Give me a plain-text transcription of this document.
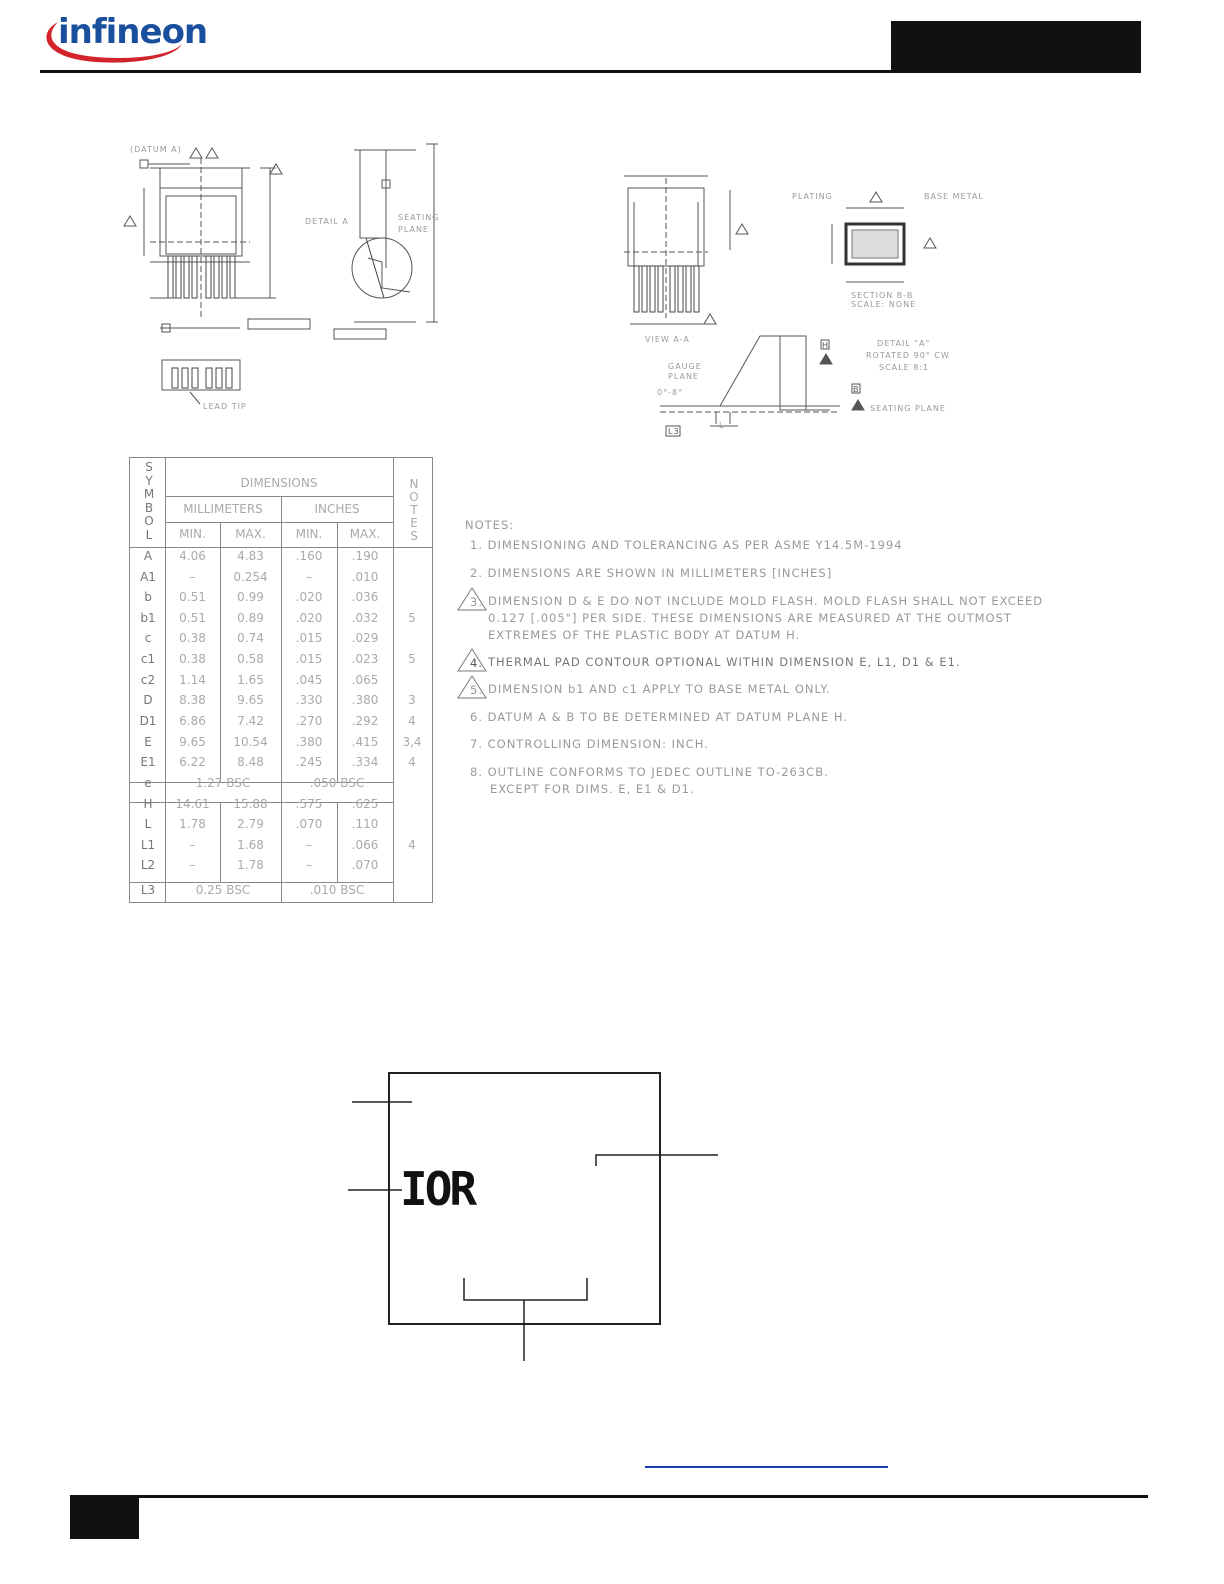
infineon
(DATUM A)
DETAIL A	SEATING PLANE
LEAD TIP
VIEW A-A
PLATING	BASE METAL
SECTION B-B
SCALE: NONE
DETAIL "A"
ROTATED 90° CW
SCALE 8:1
GAUGE PLANE
SEATING PLANE
H
B
L3
L
0°-8°
SYMBOL
DIMENSIONS	NOTES
MILLIMETERS	INCHES
MIN.	MAX.	MIN.	MAX.
A	4.06	4.83	.160	.190
A1	–	0.254	–	.010
b	0.51	0.99	.020	.036
b1	0.51	0.89	.020	.032	5
c	0.38	0.74	.015	.029
c1	0.38	0.58	.015	.023	5
c2	1.14	1.65	.045	.065
D	8.38	9.65	.330	.380	3
D1	6.86	7.42	.270	.292	4
E	9.65	10.54	.380	.415	3,4
E1	6.22	8.48	.245	.334	4
e	1.27 BSC	.050 BSC
H	14.61	15.88	.575	.625
L	1.78	2.79	.070	.110
L1	–	1.68	–	.066	4
L2	–	1.78	–	.070
L3	0.25 BSC	.010 BSC
NOTES:
1. DIMENSIONING AND TOLERANCING AS PER ASME Y14.5M-1994
2. DIMENSIONS ARE SHOWN IN MILLIMETERS [INCHES]
3. DIMENSION D & E DO NOT INCLUDE MOLD FLASH. MOLD FLASH SHALL NOT EXCEED
0.127 [.005"] PER SIDE. THESE DIMENSIONS ARE MEASURED AT THE OUTMOST
EXTREMES OF THE PLASTIC BODY AT DATUM H.
4. THERMAL PAD CONTOUR OPTIONAL WITHIN DIMENSION E, L1, D1 & E1.
5. DIMENSION b1 AND c1 APPLY TO BASE METAL ONLY.
6. DATUM A & B TO BE DETERMINED AT DATUM PLANE H.
7. CONTROLLING DIMENSION: INCH.
8. OUTLINE CONFORMS TO JEDEC OUTLINE TO-263CB.
EXCEPT FOR DIMS. E, E1 & D1.
IOR
